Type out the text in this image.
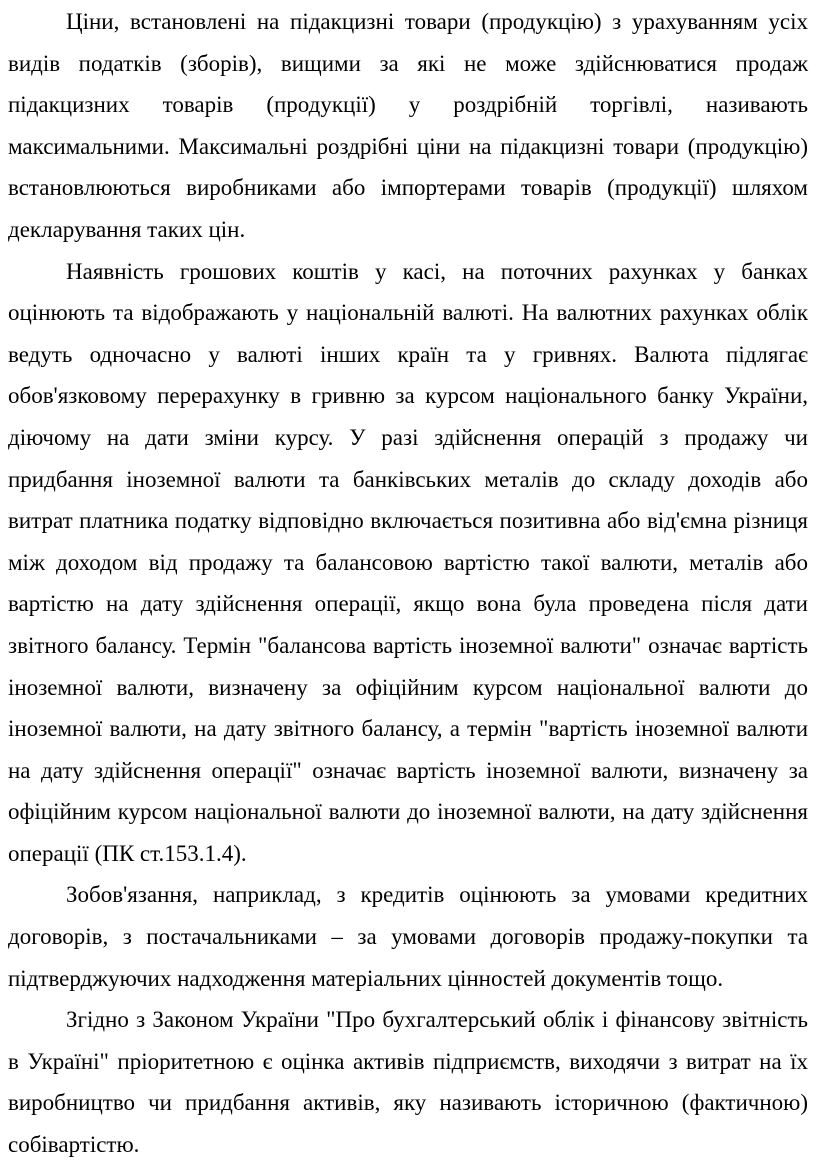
Ціни, встановлені на підакцизні товари (продукцію) з урахуванням усіх видів податків (зборів), вищими за які не може здійснюватися продаж підакцизних товарів (продукції) у роздрібній торгівлі, називають максимальними. Максимальні роздрібні ціни на підакцизні товари (продукцію) встановлюються виробниками або імпортерами товарів (продукції) шляхом декларування таких цін.

Наявність грошових коштів у касі, на поточних рахунках у банках оцінюють та відображають у національній валюті. На валютних рахунках облік ведуть одночасно у валюті інших країн та у гривнях. Валюта підлягає обов'язковому перерахунку в гривню за курсом національного банку України, діючому на дати зміни курсу. У разі здійснення операцій з продажу чи придбання іноземної валюти та банківських металів до складу доходів або витрат платника податку відповідно включається позитивна або від'ємна різниця між доходом від продажу та балансовою вартістю такої валюти, металів або вартістю на дату здійснення операції, якщо вона була проведена після дати звітного балансу. Термін "балансова вартість іноземної валюти" означає вартість іноземної валюти, визначену за офіційним курсом національної валюти до іноземної валюти, на дату звітного балансу, а термін "вартість іноземної валюти на дату здійснення операції" означає вартість іноземної валюти, визначену за офіційним курсом національної валюти до іноземної валюти, на дату здійснення операції (ПК ст.153.1.4).

Зобов'язання, наприклад, з кредитів оцінюють за умовами кредитних договорів, з постачальниками – за умовами договорів продажу-покупки та підтверджуючих надходження матеріальних цінностей документів тощо.

Згідно з Законом України "Про бухгалтерський облік і фінансову звітність в Україні" пріоритетною є оцінка активів підприємств, виходячи з витрат на їх виробництво чи придбання активів, яку називають історичною (фактичною) собівартістю.
